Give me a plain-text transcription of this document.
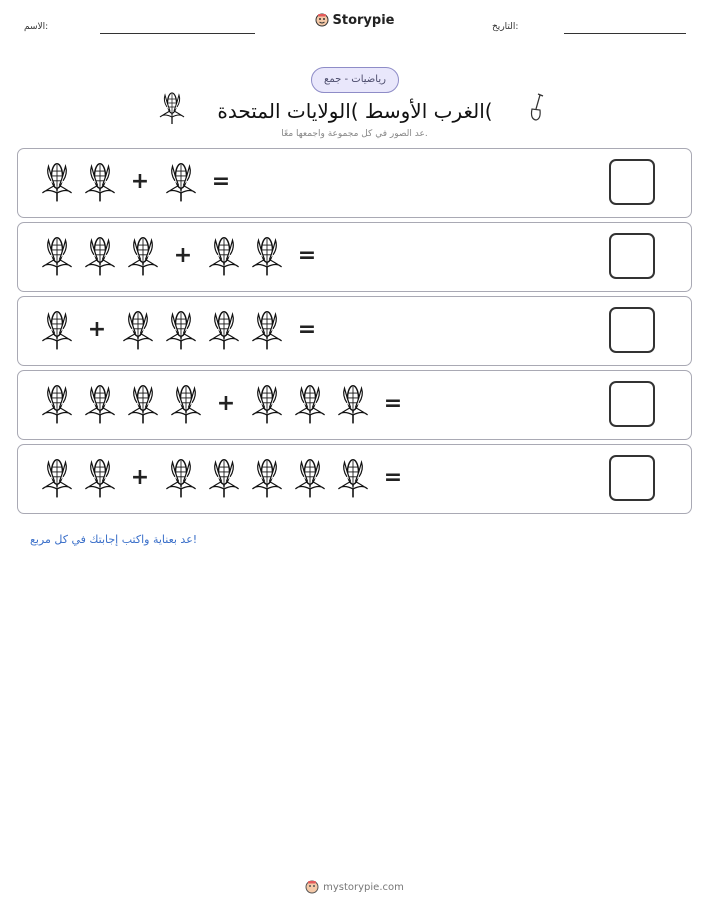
الاسم:	Storypie	التاريخ:
رياضيات - جمع
الغرب الأوسط )الولايات المتحدة(
عد الصور في كل مجموعة واجمعها معًا.
+	=
+	=
+	=
+	=
+	=
عد بعناية واكتب إجابتك في كل مربع!
mystorypie.com
